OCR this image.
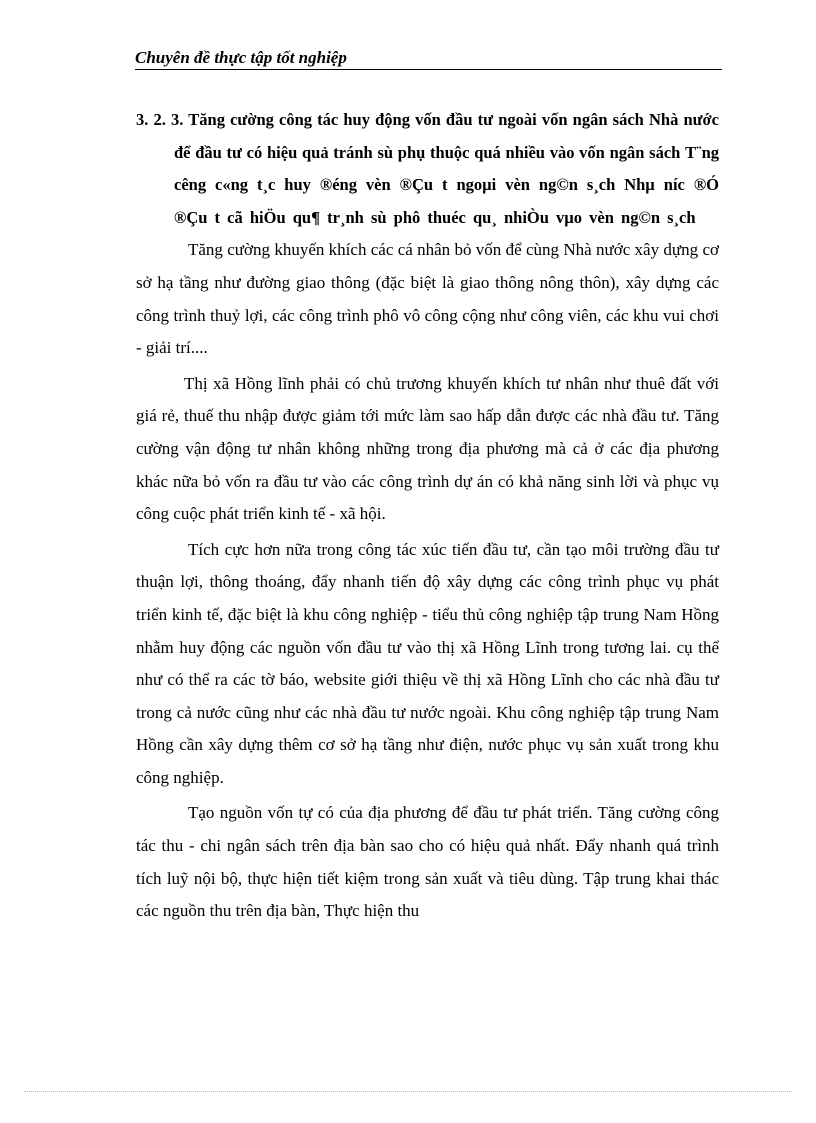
Chuyên đề thực tập tốt nghiệp

3. 2. 3. Tăng cường công tác huy động vốn đầu tư ngoài vốn ngân sách Nhà nước để đầu tư có hiệu quả tránh sù phụ thuộc quá nhiều vào vốn ngân sách T¨ng cêng c«ng t¸c huy ®éng vèn ®Çu t ngoµi vèn ng©n s¸ch Nhµ níc ®Ó ®Çu t cã hiÖu qu¶ tr¸nh sù phô thuéc qu¸ nhiÒu vµo vèn ng©n s¸ch

Tăng cường khuyến khích các cá nhân bỏ vốn để cùng Nhà nước xây dựng cơ sở hạ tầng như đường giao thông (đặc biệt là giao thông nông thôn), xây dựng các công trình thuỷ lợi, các công trình phô vô công cộng như công viên, các khu vui chơi - giải trí....

Thị xã Hồng lĩnh phải có chủ trương khuyến khích tư nhân như thuê đất với giá rẻ, thuế thu nhập được giảm tới mức làm sao hấp dẫn được các nhà đầu tư. Tăng cường vận động tư nhân không những trong địa phương mà cả ở các địa phương khác nữa bỏ vốn ra đầu tư vào các công trình dự án có khả năng sinh lời và phục vụ công cuộc phát triển kinh tế - xã hội.

Tích cực hơn nữa trong công tác xúc tiến đầu tư, cần tạo môi trường đầu tư thuận lợi, thông thoáng, đẩy nhanh tiến độ xây dựng các công trình phục vụ phát triển kinh tế, đặc biệt là khu công nghiệp - tiểu thủ công nghiệp tập trung Nam Hồng nhằm huy động các nguồn vốn đầu tư vào thị xã Hồng Lĩnh trong tương lai. cụ thể như có thể ra các tờ báo, website giới thiệu về thị xã Hồng Lĩnh cho các nhà đầu tư trong cả nước cũng như các nhà đầu tư nước ngoài. Khu công nghiệp tập trung Nam Hồng cần xây dựng thêm cơ sở hạ tầng như điện, nước phục vụ sản xuất trong khu công nghiệp.

Tạo nguồn vốn tự có của địa phương để đầu tư phát triển. Tăng cường công tác thu - chi ngân sách trên địa bàn sao cho có hiệu quả nhất. Đẩy nhanh quá trình tích luỹ nội bộ, thực hiện tiết kiệm trong sản xuất và tiêu dùng. Tập trung khai thác các nguồn thu trên địa bàn, Thực hiện thu
